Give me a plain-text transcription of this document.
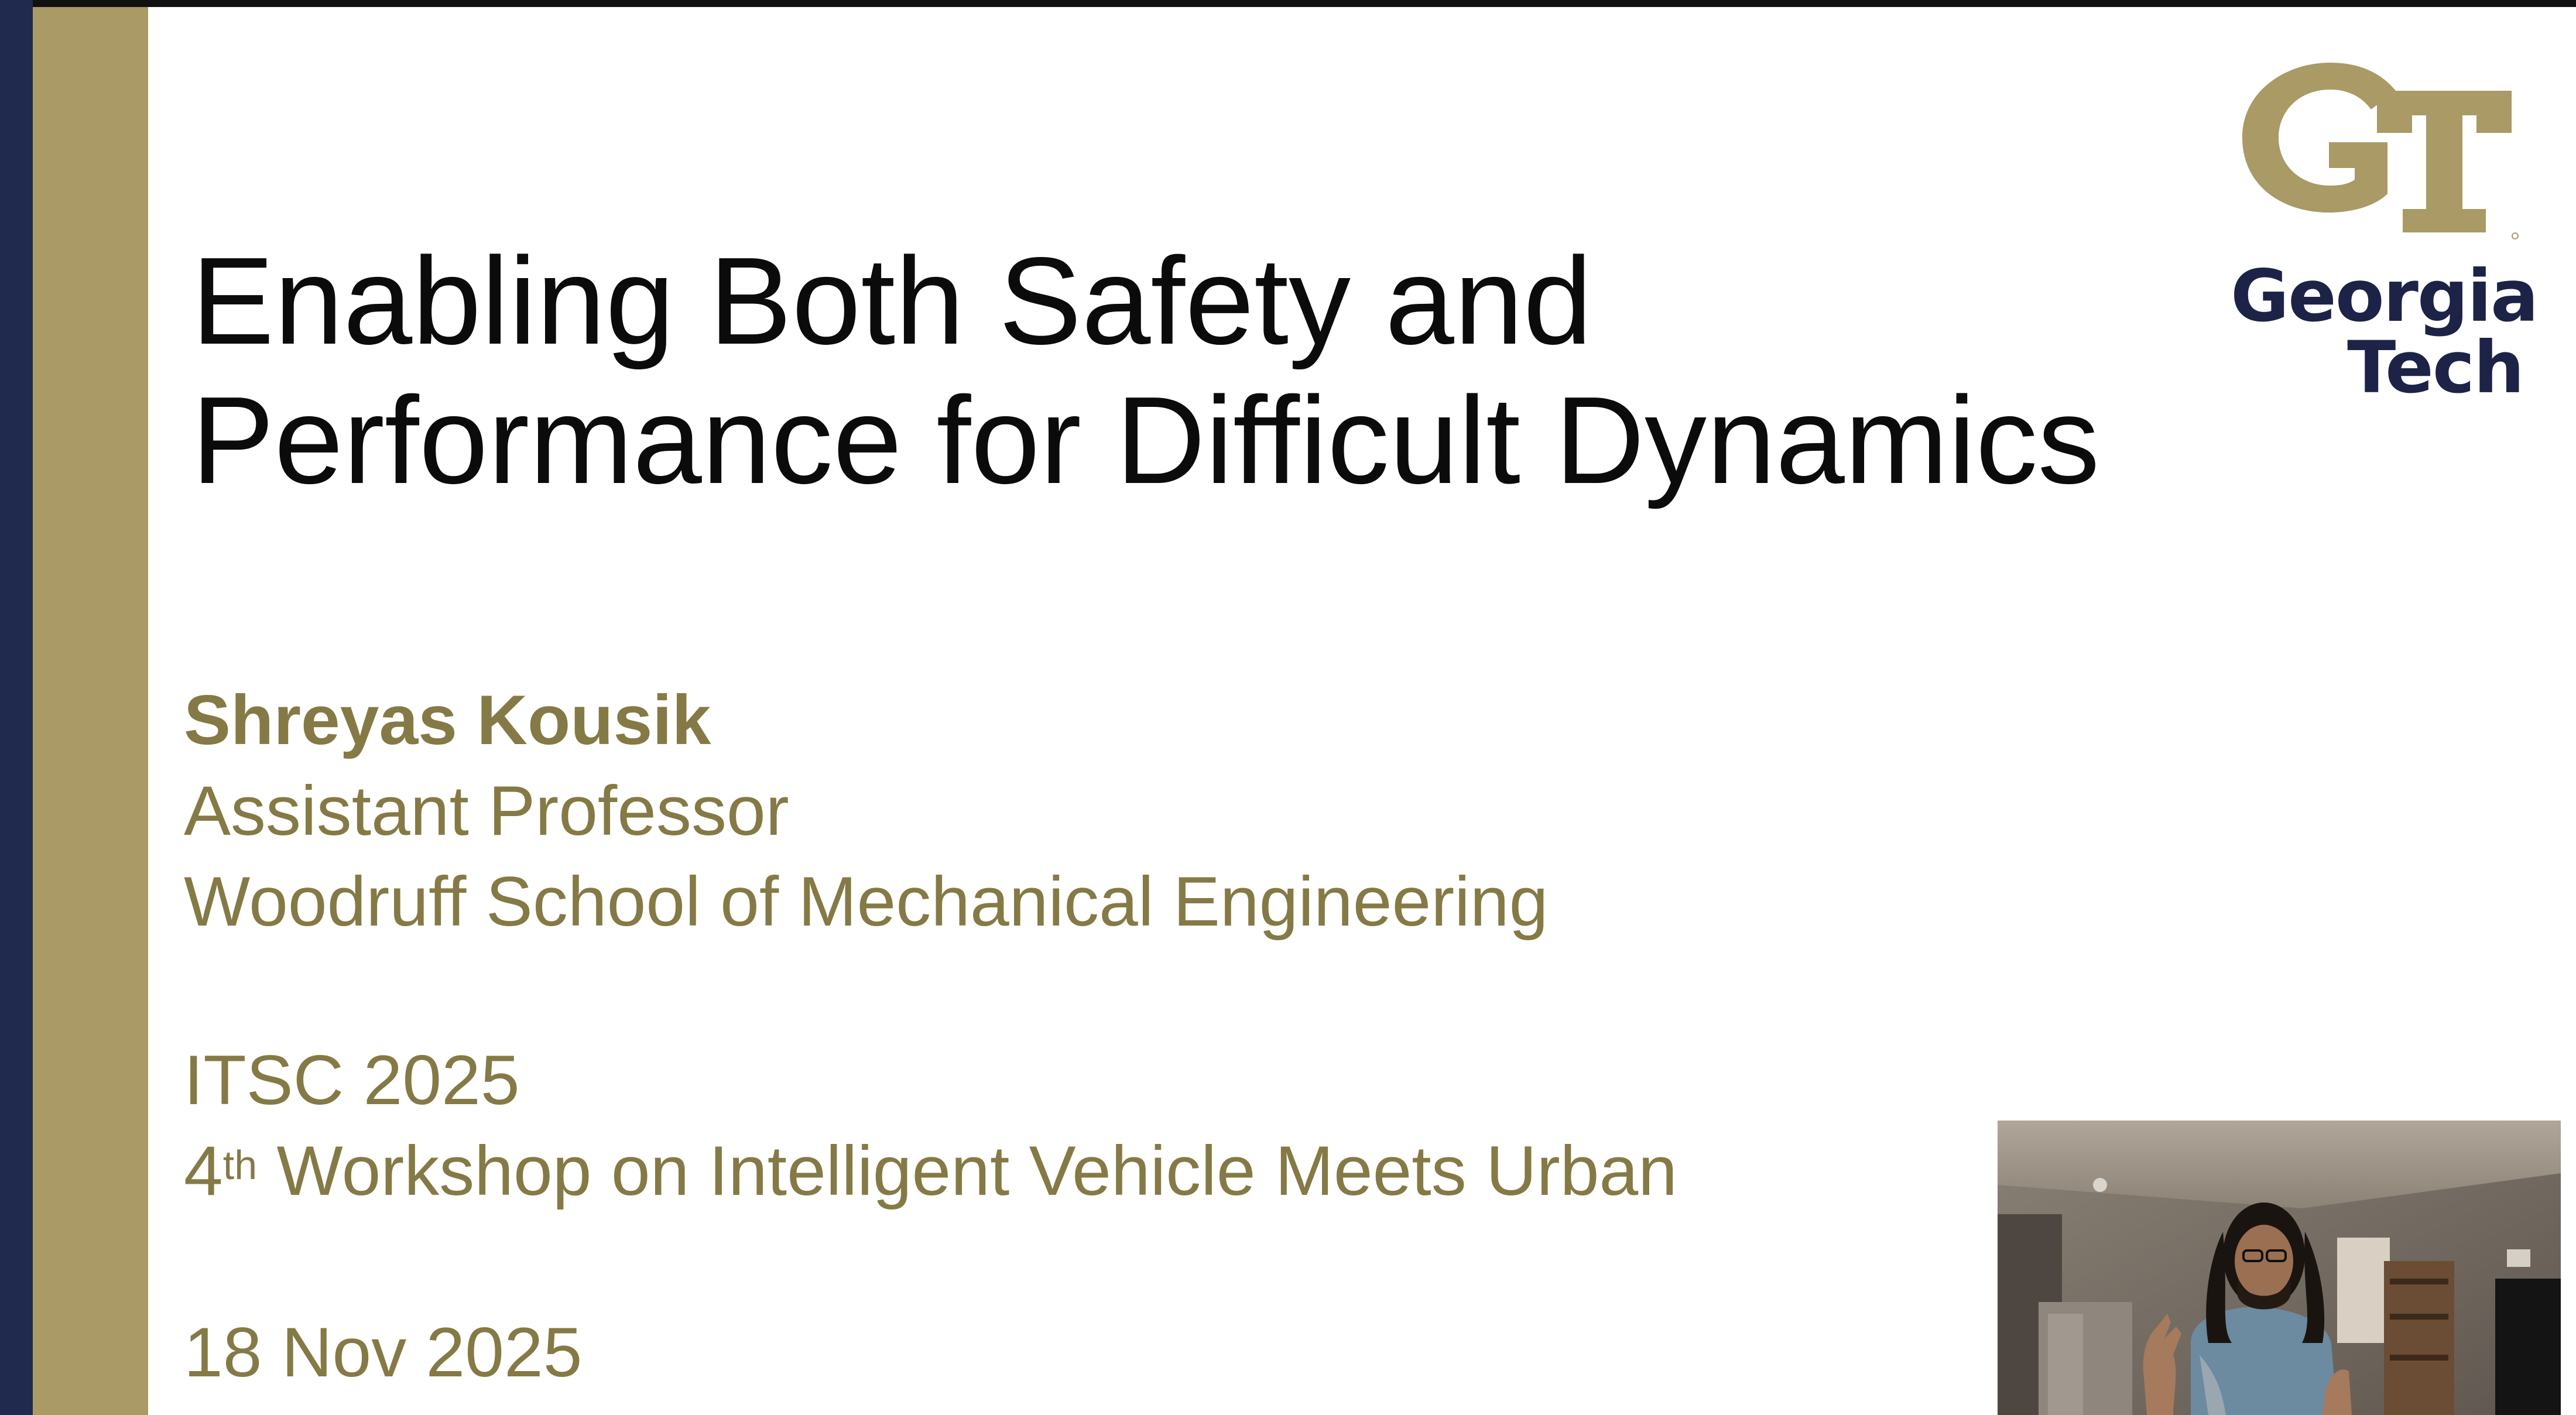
Enabling Both Safety and
Performance for Difficult Dynamics
Shreyas Kousik
Assistant Professor
Woodruff School of Mechanical Engineering
ITSC 2025
4th Workshop on Intelligent Vehicle Meets Urban
18 Nov 2025
Georgia
Tech
